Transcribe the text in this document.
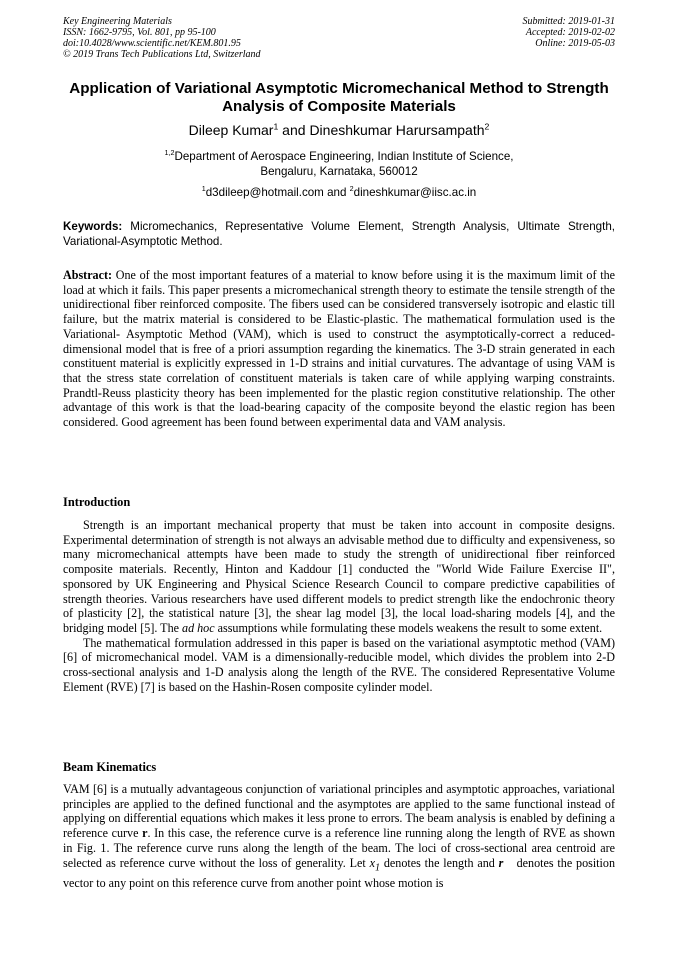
Key Engineering Materials
ISSN: 1662-9795, Vol. 801, pp 95-100
doi:10.4028/www.scientific.net/KEM.801.95
© 2019 Trans Tech Publications Ltd, Switzerland
Submitted: 2019-01-31
Accepted: 2019-02-02
Online: 2019-05-03
Application of Variational Asymptotic Micromechanical Method to Strength Analysis of Composite Materials
Dileep Kumar$^1$ and Dineshkumar Harursampath$^2$
$^{1,2}$Department of Aerospace Engineering, Indian Institute of Science,
Bengaluru, Karnataka, 560012
$^1$d3dileep@hotmail.com and $^2$dineshkumar@iisc.ac.in
Keywords: Micromechanics, Representative Volume Element, Strength Analysis, Ultimate Strength, Variational-Asymptotic Method.

Abstract: One of the most important features of a material to know before using it is the maximum limit of the load at which it fails. This paper presents a micromechanical strength theory to estimate the tensile strength of the unidirectional fiber reinforced composite. The fibers used can be considered transversely isotropic and elastic till failure, but the matrix material is considered to be Elastic-plastic. The mathematical formulation used is the Variational- Asymptotic Method (VAM), which is used to construct the asymptotically-correct a reduced- dimensional model that is free of a priori assumption regarding the kinematics. The 3-D strain generated in each constituent material is explicitly expressed in 1-D strains and initial curvatures. The advantage of using VAM is that the stress state correlation of constituent materials is taken care of while applying warping constraints. Prandtl-Reuss plasticity theory has been implemented for the plastic region constitutive relationship. The other advantage of this work is that the load-bearing capacity of the composite beyond the elastic region has been considered. Good agreement has been found between experimental data and VAM analysis.

Introduction

Strength is an important mechanical property that must be taken into account in composite designs. Experimental determination of strength is not always an advisable method due to difficulty and expensiveness, so many micromechanical attempts have been made to study the strength of unidirectional fiber reinforced composite materials. Recently, Hinton and Kaddour [1] conducted the "World Wide Failure Exercise II", sponsored by UK Engineering and Physical Science Research Council to compare predictive capabilities of strength theories. Various researchers have used different models to predict strength like the endochronic theory of plasticity [2], the statistical nature [3], the shear lag model [3], the local load-sharing models [4], and the bridging model [5]. The ad hoc assumptions while formulating these models weakens the result to some extent.

The mathematical formulation addressed in this paper is based on the variational asymptotic method (VAM) [6] of micromechanical model. VAM is a dimensionally-reducible model, which divides the problem into 2-D cross-sectional analysis and 1-D analysis along the length of the RVE. The considered Representative Volume Element (RVE) [7] is based on the Hashin-Rosen composite cylinder model.

Beam Kinematics

VAM [6] is a mutually advantageous conjunction of variational principles and asymptotic approaches, variational principles are applied to the defined functional and the asymptotes are applied to the same functional instead of applying on differential equations which makes it less prone to errors. The beam analysis is enabled by defining a reference curve r. In this case, the reference curve is a reference line running along the length of RVE as shown in Fig. 1. The reference curve runs along the length of the beam. The loci of cross-sectional area centroid are selected as reference curve without the loss of generality. Let $x_1$ denotes the length and r⃗ denotes the position vector to any point on this reference curve from another point whose motion is
